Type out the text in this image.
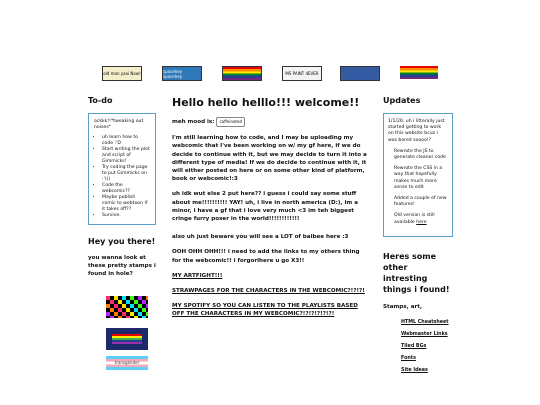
old man yaoi Now!	spacehey spacehey	MS PAINT 4EVER
To-do

ackkk!!*tweaking out noises*

• uh learn how to code :'D
• Start writing the plot and script of Gimmicks!
• Try coding the page to put Gimmicks on :')))
• Code the webcomic??
• Maybe publish comic to webtoon if it takes off??
• Survive.
Hey you there!
you wanna look at these pretty stamps i found in hole?
transgender
Hello hello helllo!!! welcome!!

meh mood is: caffeinated

I'm still learning how to code, and I may be uploading my webcomic that I've been working on w/ my gf here, if we do decide to continue with it, but we may decide to turn it into a different type of media! If we do decide to continue with it, it will either posted on here or on some other kind of platform, book or webcomic!:3

uh idk wut else 2 put here?? i guess i could say some stuff about me!!!!!!!!!! YAY! uh, i live in north america (D:), im a minor, i have a gf that i love very much <3 im teh biggest cringe furry poser in the world!!!!!!!!!!!!

also uh just beware you will see a LOT of balbee here :3

OOH OHH OHH!!! i need to add the links to my others thing for the webcomic!! i forgorlhere u go X3!!

MY ARTFIGHT!!!

STRAWPAGES FOR THE CHARACTERS IN THE WEBCOMIC?!?!?!

MY SPOTIFY SO YOU CAN LISTEN TO THE PLAYLISTS BASED OFF THE CHARACTERS IN MY WEBCOMIC?!?!?!?!?!?!

Updates

1/1/26: uh i litterally just started getting to work on this website bcuz i was bored soooo!?

Rewrote the JS to generate cleaner code
Rewrote the CSS in a way that hopefully makes much more sense to edit
Added a couple of new features!
Old version is still available here
Heres some other intresting things i found!
Stamps, art,
HTML Cheatsheet
Webmaster Links
Tiled BGs
Fonts
Site Ideas
